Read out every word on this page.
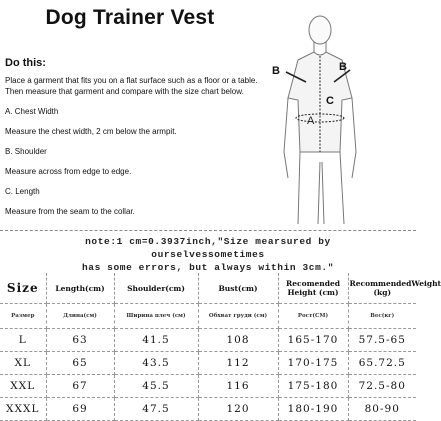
Dog Trainer Vest
Do this:
Place a garment that fits you on a flat surface such as a floor or a table. Then measure that garment and compare with the size chart below.
A. Chest Width
Measure the chest width, 2 cm below the armpit.
B. Shoulder
Measure across from edge to edge.
C. Length
Measure from the seam to the collar.
A
B	B
C
note:1 cm=0.3937inch,"Size mearsured by
ourselvessometimes
has some errors, but always within 3cm."
Size	Length(cm)	Shoulder(cm)	Bust(cm)	Recomended Height (cm)	RecommendedWeight (kg)
Размер	Длина(см)	Ширина плеч (см)	Обхват груди (см)	Рост(СМ)	Вес(кг)
L	63	41.5	108	165-170	57.5-65
XL	65	43.5	112	170-175	65.72.5
XXL	67	45.5	116	175-180	72.5-80
XXXL	69	47.5	120	180-190	80-90
